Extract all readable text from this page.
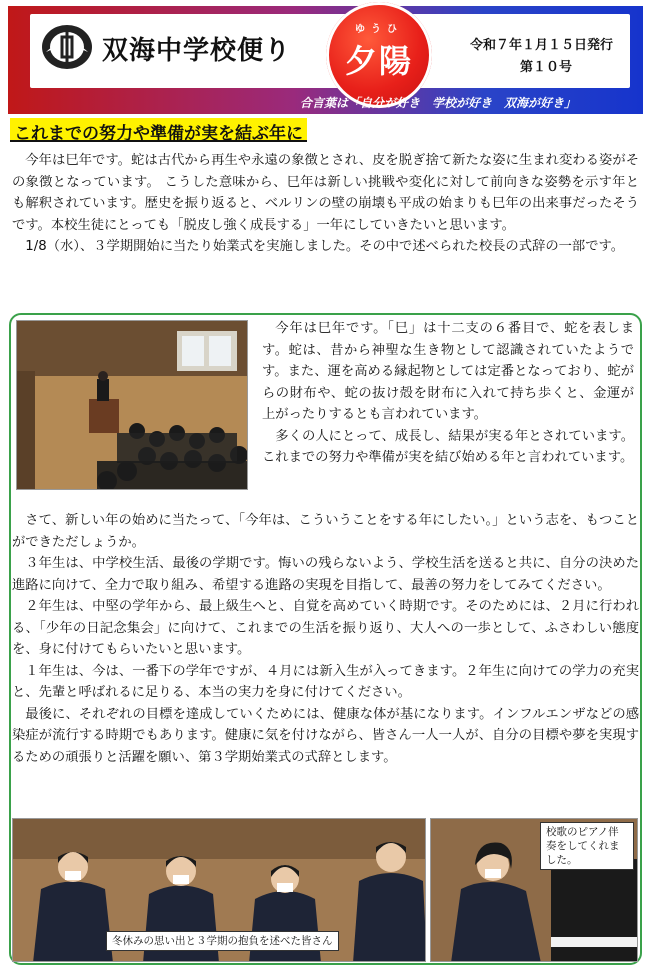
双海中学校便り
ゆうひ
夕陽	令和７年１月１５日発行
第１０号
合言葉は「自分が好き　学校が好き　双海が好き」
これまでの努力や準備が実を結ぶ年に

今年は巳年です。蛇は古代から再生や永遠の象徴とされ、皮を脱ぎ捨て新たな姿に生まれ変わる姿がその象徴となっています。 こうした意味から、巳年は新しい挑戦や変化に対して前向きな姿勢を示す年とも解釈されています。歴史を振り返ると、ベルリンの壁の崩壊も平成の始まりも巳年の出来事だったそうです。本校生徒にとっても「脱皮し強く成長する」一年にしていきたいと思います。

1/8（水）、３学期開始に当たり始業式を実施しました。その中で述べられた校長の式辞の一部です。

今年は巳年です。「巳」は十二支の６番目で、蛇を表します。蛇は、昔から神聖な生き物として認識されていたようです。また、運を高める縁起物としては定番となっており、蛇がらの財布や、蛇の抜け殻を財布に入れて持ち歩くと、金運が上がったりするとも言われています。

多くの人にとって、成長し、結果が実る年とされています。これまでの努力や準備が実を結び始める年と言われています。

さて、新しい年の始めに当たって、「今年は、こういうことをする年にしたい。」という志を、もつことができただしょうか。

３年生は、中学校生活、最後の学期です。悔いの残らないよう、学校生活を送ると共に、自分の決めた進路に向けて、全力で取り組み、希望する進路の実現を目指して、最善の努力をしてみてください。

２年生は、中堅の学年から、最上級生へと、自覚を高めていく時期です。そのためには、２月に行われる、「少年の日記念集会」に向けて、これまでの生活を振り返り、大人への一歩として、ふさわしい態度を、身に付けてもらいたいと思います。

１年生は、今は、一番下の学年ですが、４月には新入生が入ってきます。２年生に向けての学力の充実と、先輩と呼ばれるに足りる、本当の実力を身に付けてください。

最後に、それぞれの目標を達成していくためには、健康な体が基になります。インフルエンザなどの感染症が流行する時期でもあります。健康に気を付けながら、皆さん一人一人が、自分の目標や夢を実現するための頑張りと活躍を願い、第３学期始業式の式辞とします。

冬休みの思い出と３学期の抱負を述べた皆さん
校歌のピアノ伴奏をしてくれました。
